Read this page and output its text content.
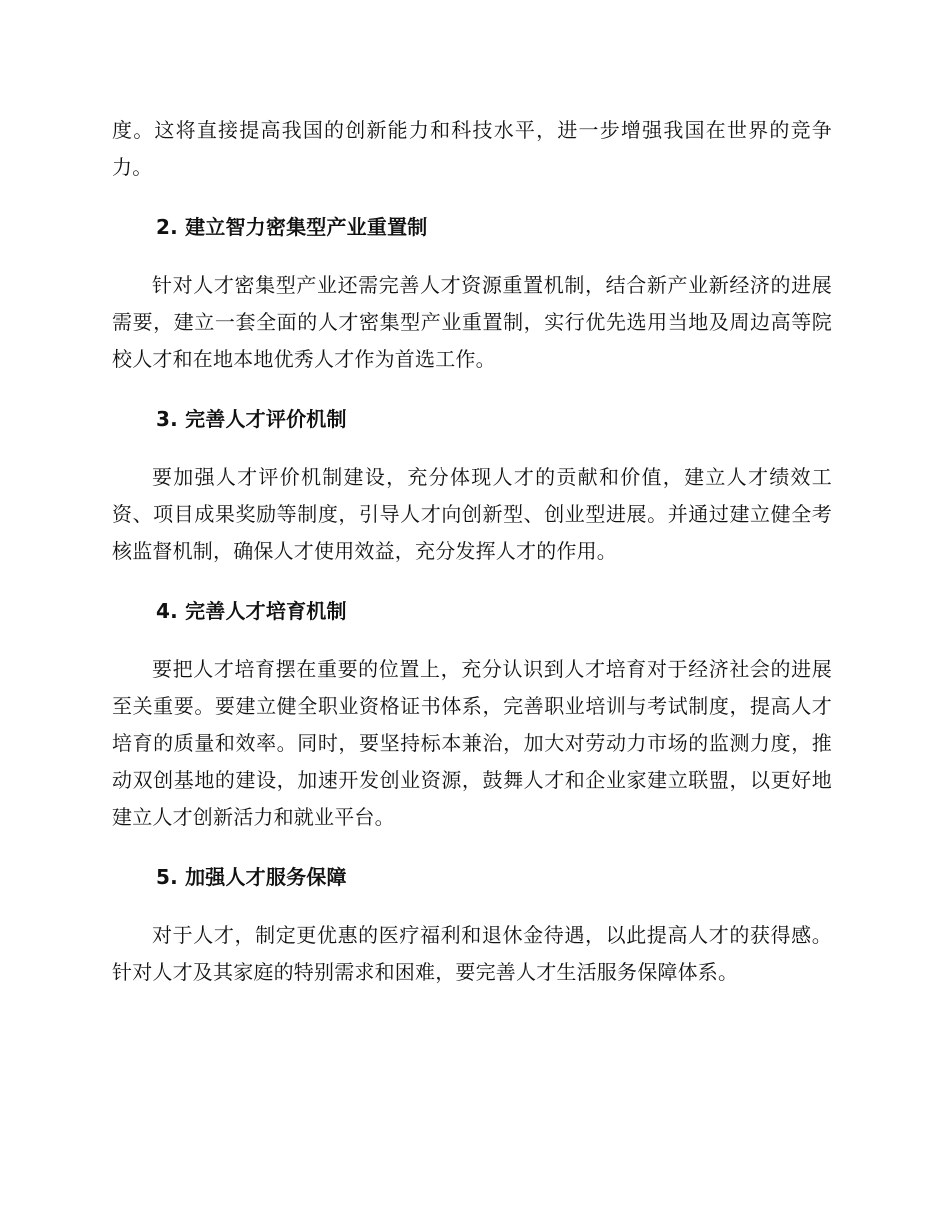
度。这将直接提高我国的创新能力和科技水平，进一步增强我国在世界的竞争力。

2. 建立智力密集型产业重置制

针对人才密集型产业还需完善人才资源重置机制，结合新产业新经济的进展需要，建立一套全面的人才密集型产业重置制，实行优先选用当地及周边高等院校人才和在地本地优秀人才作为首选工作。

3. 完善人才评价机制

要加强人才评价机制建设，充分体现人才的贡献和价值，建立人才绩效工资、项目成果奖励等制度，引导人才向创新型、创业型进展。并通过建立健全考核监督机制，确保人才使用效益，充分发挥人才的作用。

4. 完善人才培育机制

要把人才培育摆在重要的位置上，充分认识到人才培育对于经济社会的进展至关重要。要建立健全职业资格证书体系，完善职业培训与考试制度，提高人才培育的质量和效率。同时，要坚持标本兼治，加大对劳动力市场的监测力度，推动双创基地的建设，加速开发创业资源，鼓舞人才和企业家建立联盟，以更好地建立人才创新活力和就业平台。

5. 加强人才服务保障

对于人才，制定更优惠的医疗福利和退休金待遇，以此提高人才的获得感。针对人才及其家庭的特别需求和困难，要完善人才生活服务保障体系。
